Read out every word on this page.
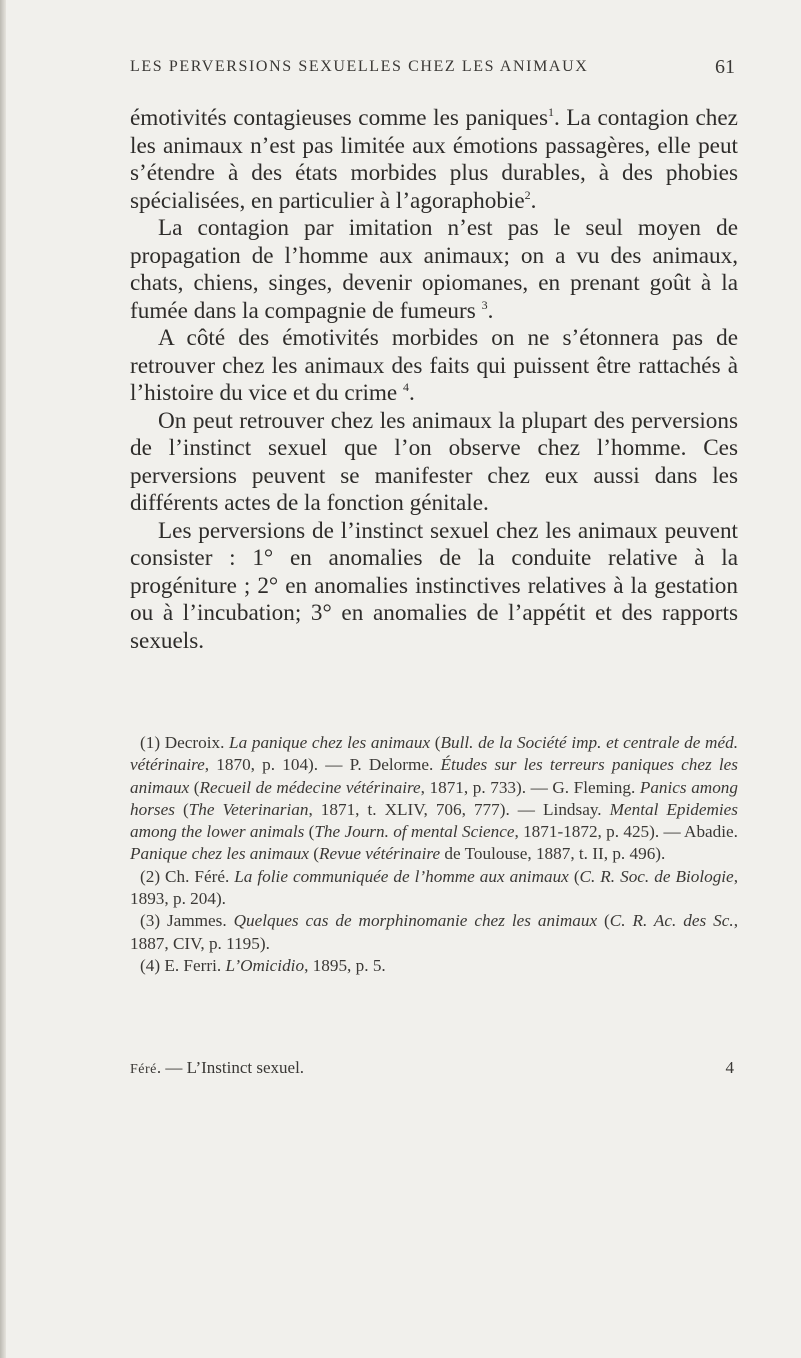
LES PERVERSIONS SEXUELLES CHEZ LES ANIMAUX	61

émotivités contagieuses comme les paniques$^1$. La contagion chez les animaux n’est pas limitée aux émotions passagères, elle peut s’étendre à des états morbides plus durables, à des phobies spécialisées, en particulier à l’agoraphobie$^2$.

La contagion par imitation n’est pas le seul moyen de propagation de l’homme aux animaux; on a vu des animaux, chats, chiens, singes, devenir opiomanes, en prenant goût à la fumée dans la compagnie de fumeurs $^3$.

A côté des émotivités morbides on ne s’étonnera pas de retrouver chez les animaux des faits qui puissent être rattachés à l’histoire du vice et du crime $^4$.

On peut retrouver chez les animaux la plupart des perversions de l’instinct sexuel que l’on observe chez l’homme. Ces perversions peuvent se manifester chez eux aussi dans les différents actes de la fonction génitale.

Les perversions de l’instinct sexuel chez les animaux peuvent consister : 1° en anomalies de la conduite relative à la progéniture ; 2° en anomalies instinctives relatives à la gestation ou à l’incubation; 3° en anomalies de l’appétit et des rapports sexuels.

(1) Decroix. La panique chez les animaux (Bull. de la Société imp. et centrale de méd. vétérinaire, 1870, p. 104). — P. Delorme. Études sur les terreurs paniques chez les animaux (Recueil de médecine vétérinaire, 1871, p. 733). — G. Fleming. Panics among horses (The Veterinarian, 1871, t. XLIV, 706, 777). — Lindsay. Mental Epidemies among the lower animals (The Journ. of mental Science, 1871-1872, p. 425). — Abadie. Panique chez les animaux (Revue vétérinaire de Toulouse, 1887, t. II, p. 496).

(2) Ch. Féré. La folie communiquée de l’homme aux animaux (C. R. Soc. de Biologie, 1893, p. 204).

(3) Jammes. Quelques cas de morphinomanie chez les animaux (C. R. Ac. des Sc., 1887, CIV, p. 1195).

(4) E. Ferri. L’Omicidio, 1895, p. 5.

Féré. — L’Instinct sexuel.	4
